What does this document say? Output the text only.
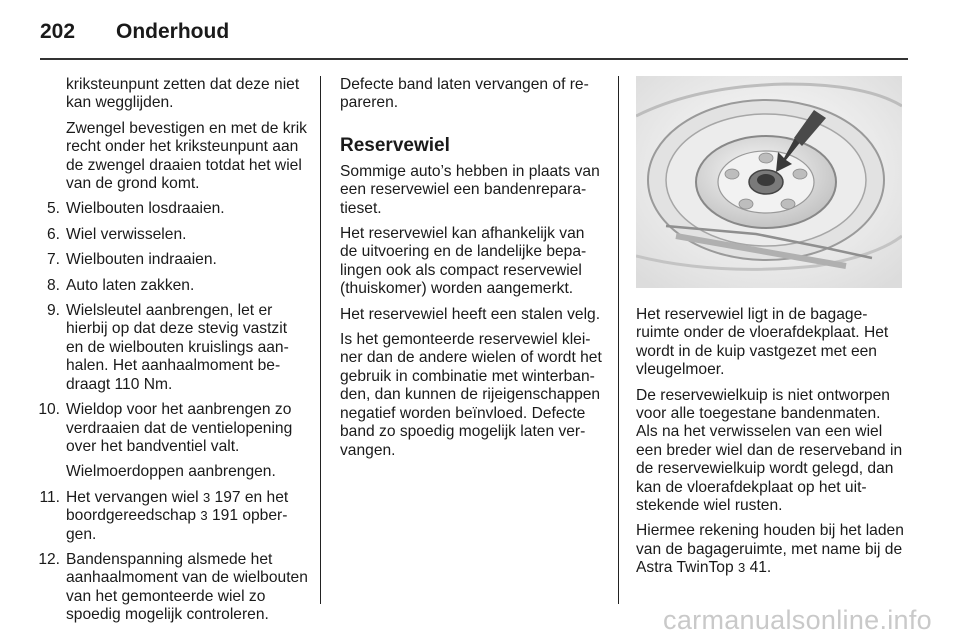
202 Onderhoud

kriksteunpunt zetten dat deze niet kan wegglijden.

Zwengel bevestigen en met de krik recht onder het kriksteunpunt aan de zwengel draaien totdat het wiel van de grond komt.

5. Wielbouten losdraaien.
6. Wiel verwisselen.
7. Wielbouten indraaien.
8. Auto laten zakken.
9. Wielsleutel aanbrengen, let er hierbij op dat deze stevig vastzit en de wielbouten kruislings aanhalen. Het aanhaalmoment bedraagt 110 Nm.
10. Wieldop voor het aanbrengen zo verdraaien dat de ventielopening over het bandventiel valt.

Wielmoerdoppen aanbrengen.

11. Het vervangen wiel 3 197 en het boordgereedschap 3 191 opbergen.
12. Bandenspanning alsmede het aanhaalmoment van de wielbouten van het gemonteerde wiel zo spoedig mogelijk controleren.

Defecte band laten vervangen of repareren.

Reservewiel

Sommige auto’s hebben in plaats van een reservewiel een bandenreparatieset.

Het reservewiel kan afhankelijk van de uitvoering en de landelijke bepalingen ook als compact reservewiel (thuiskomer) worden aangemerkt.

Het reservewiel heeft een stalen velg.

Is het gemonteerde reservewiel kleiner dan de andere wielen of wordt het gebruik in combinatie met winterbanden, dan kunnen de rijeigenschappen negatief worden beïnvloed. Defecte band zo spoedig mogelijk laten vervangen.

Het reservewiel ligt in de bagageruimte onder de vloerafdekplaat. Het wordt in de kuip vastgezet met een vleugelmoer.

De reservewielkuip is niet ontworpen voor alle toegestane bandenmaten. Als na het verwisselen van een wiel een breder wiel dan de reserveband in de reservewielkuip wordt gelegd, dan kan de vloerafdekplaat op het uitstekende wiel rusten.

Hiermee rekening houden bij het laden van de bagageruimte, met name bij de Astra TwinTop 3 41.

carmanualsonline.info
